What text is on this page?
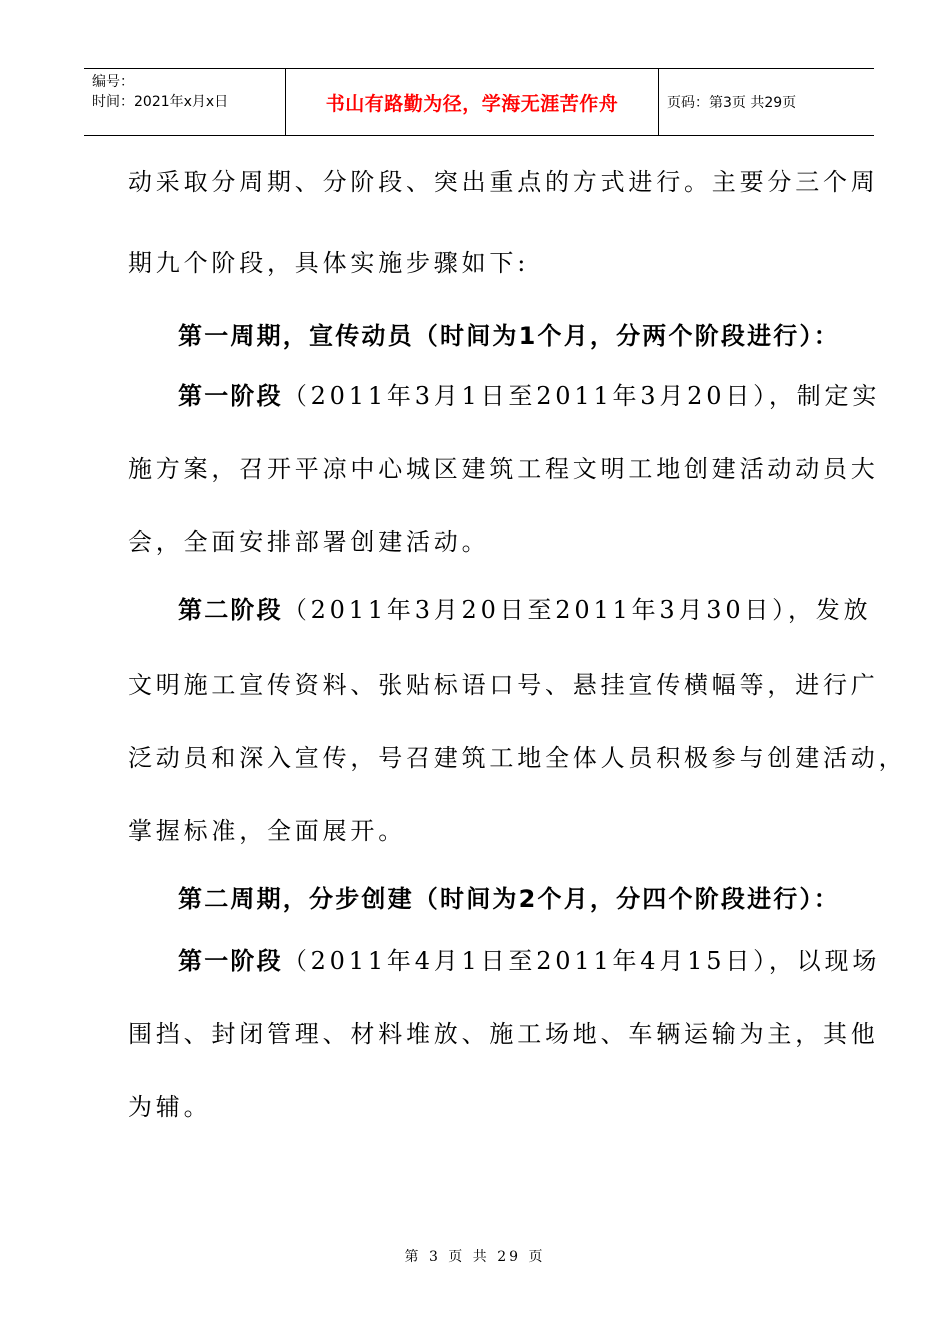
编号：
时间：2021年x月x日	书山有路勤为径，学海无涯苦作舟	页码：第3页 共29页
动采取分周期、分阶段、突出重点的方式进行。主要分三个周
期九个阶段，具体实施步骤如下:
第一周期，宣传动员（时间为1个月，分两个阶段进行）：
第一阶段（2011年3月1日至2011年3月20日），制定实
施方案，召开平凉中心城区建筑工程文明工地创建活动动员大
会，全面安排部署创建活动。
第二阶段（2011年3月20日至2011年3月30日），发放
文明施工宣传资料、张贴标语口号、悬挂宣传横幅等，进行广
泛动员和深入宣传，号召建筑工地全体人员积极参与创建活动，
掌握标准，全面展开。
第二周期，分步创建（时间为2个月，分四个阶段进行）：
第一阶段（2011年4月1日至2011年4月15日），以现场
围挡、封闭管理、材料堆放、施工场地、车辆运输为主，其他
为辅。
第 3 页 共 29 页
